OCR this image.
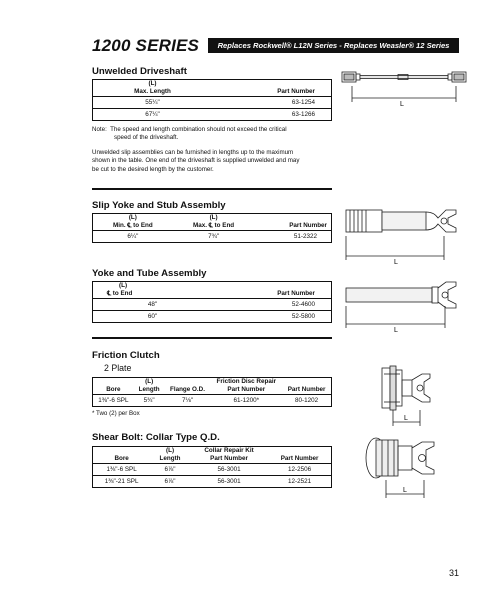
1200 SERIES	Replaces Rockwell® L12N Series - Replaces Weasler® 12 Series
Unwelded Driveshaft
(L)	
Max. Length	Part Number
55¼"	63-1254
67¼"	63-1266
Note: The speed and length combination should not exceed the critical
speed of the driveshaft.
Unwelded slip assemblies can be furnished in lengths up to the maximum
shown in the table. One end of the driveshaft is supplied unwelded and may
be cut to the desired length by the customer.
L
Slip Yoke and Stub Assembly
(L)	(L)	
Min. ℄ to End	Max. ℄ to End	Part Number
6¼"	7¾"	51-2322
L
Yoke and Tube Assembly
(L)	
℄ to End	Part Number
48"	52-4600
60"	52-5800
L
Friction Clutch
2 Plate
	(L)		Friction Disc Repair	
Bore	Length	Flange O.D.	Part Number	Part Number
1⅜"-6 SPL	5¾"	7⅛"	61-1200*	80-1202
* Two (2) per Box
L
Shear Bolt: Collar Type Q.D.
	(L)	Collar Repair Kit	
Bore	Length	Part Number	Part Number
1⅜"-6 SPL	6⅞"	56-3001	12-2506
1⅜"-21 SPL	6⅞"	56-3001	12-2521
L
31
